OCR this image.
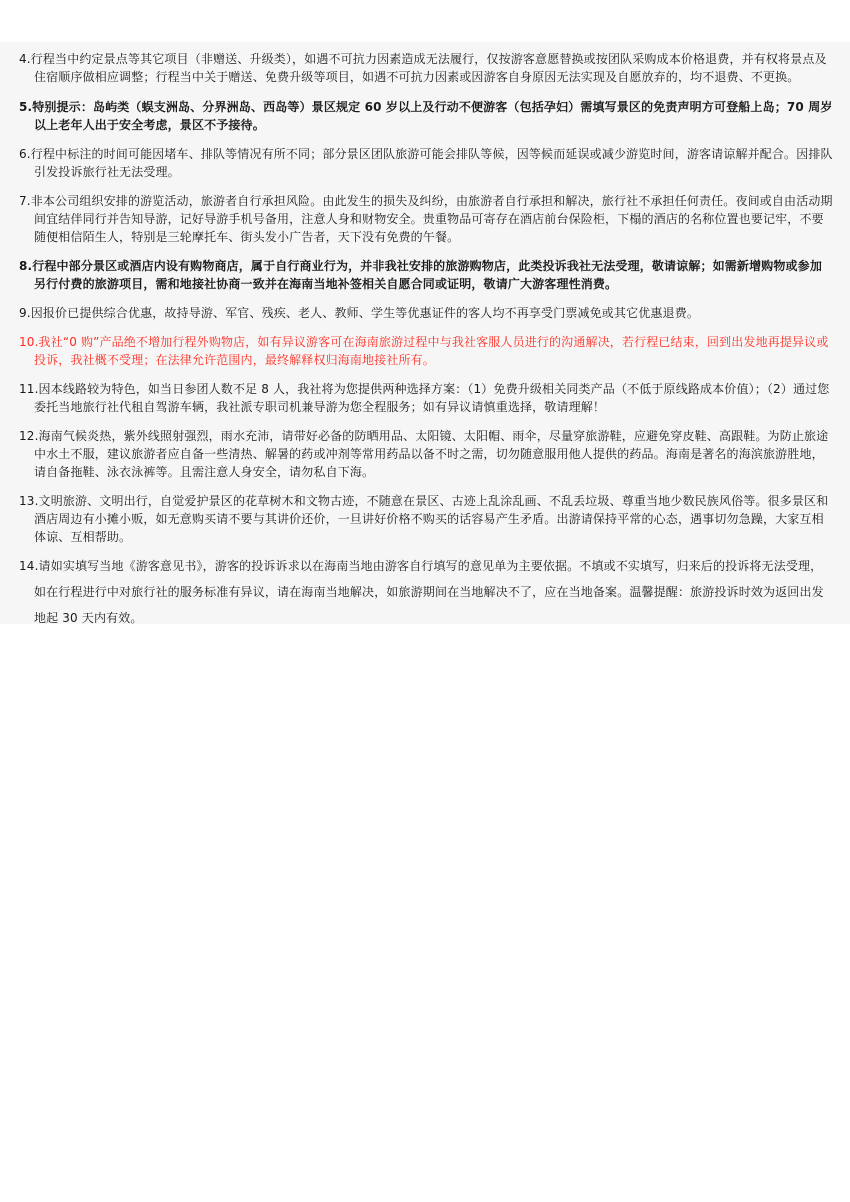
4.行程当中约定景点等其它项目（非赠送、升级类），如遇不可抗力因素造成无法履行，仅按游客意愿替换或按团队采购成本价格退费，并有权将景点及住宿顺序做相应调整；行程当中关于赠送、免费升级等项目，如遇不可抗力因素或因游客自身原因无法实现及自愿放弃的，均不退费、不更换。
5.特别提示：岛屿类（蜈支洲岛、分界洲岛、西岛等）景区规定 60 岁以上及行动不便游客（包括孕妇）需填写景区的免责声明方可登船上岛；70 周岁以上老年人出于安全考虑，景区不予接待。
6.行程中标注的时间可能因堵车、排队等情况有所不同；部分景区团队旅游可能会排队等候，因等候而延误或减少游览时间，游客请谅解并配合。因排队引发投诉旅行社无法受理。
7.非本公司组织安排的游览活动，旅游者自行承担风险。由此发生的损失及纠纷，由旅游者自行承担和解决，旅行社不承担任何责任。夜间或自由活动期间宜结伴同行并告知导游，记好导游手机号备用，注意人身和财物安全。贵重物品可寄存在酒店前台保险柜，下榻的酒店的名称位置也要记牢，不要随便相信陌生人，特别是三轮摩托车、街头发小广告者，天下没有免费的午餐。
8.行程中部分景区或酒店内设有购物商店，属于自行商业行为，并非我社安排的旅游购物店，此类投诉我社无法受理，敬请谅解；如需新增购物或参加另行付费的旅游项目，需和地接社协商一致并在海南当地补签相关自愿合同或证明，敬请广大游客理性消费。
9.因报价已提供综合优惠，故持导游、军官、残疾、老人、教师、学生等优惠证件的客人均不再享受门票减免或其它优惠退费。
10.我社“0 购”产品绝不增加行程外购物店，如有异议游客可在海南旅游过程中与我社客服人员进行的沟通解决，若行程已结束，回到出发地再提异议或投诉，我社概不受理；在法律允许范围内，最终解释权归海南地接社所有。
11.因本线路较为特色，如当日参团人数不足 8 人，我社将为您提供两种选择方案：（1）免费升级相关同类产品（不低于原线路成本价值）；（2）通过您委托当地旅行社代租自驾游车辆，我社派专职司机兼导游为您全程服务；如有异议请慎重选择，敬请理解！
12.海南气候炎热，紫外线照射强烈，雨水充沛，请带好必备的防晒用品、太阳镜、太阳帽、雨伞，尽量穿旅游鞋，应避免穿皮鞋、高跟鞋。为防止旅途中水土不服，建议旅游者应自备一些清热、解暑的药或冲剂等常用药品以备不时之需，切勿随意服用他人提供的药品。海南是著名的海滨旅游胜地，请自备拖鞋、泳衣泳裤等。且需注意人身安全，请勿私自下海。
13.文明旅游、文明出行，自觉爱护景区的花草树木和文物古迹，不随意在景区、古迹上乱涂乱画、不乱丢垃圾、尊重当地少数民族风俗等。很多景区和酒店周边有小摊小贩，如无意购买请不要与其讲价还价，一旦讲好价格不购买的话容易产生矛盾。出游请保持平常的心态，遇事切勿急躁，大家互相体谅、互相帮助。
14.请如实填写当地《游客意见书》，游客的投诉诉求以在海南当地由游客自行填写的意见单为主要依据。不填或不实填写，归来后的投诉将无法受理，如在行程进行中对旅行社的服务标准有异议，请在海南当地解决，如旅游期间在当地解决不了，应在当地备案。温馨提醒：旅游投诉时效为返回出发地起 30 天内有效。
